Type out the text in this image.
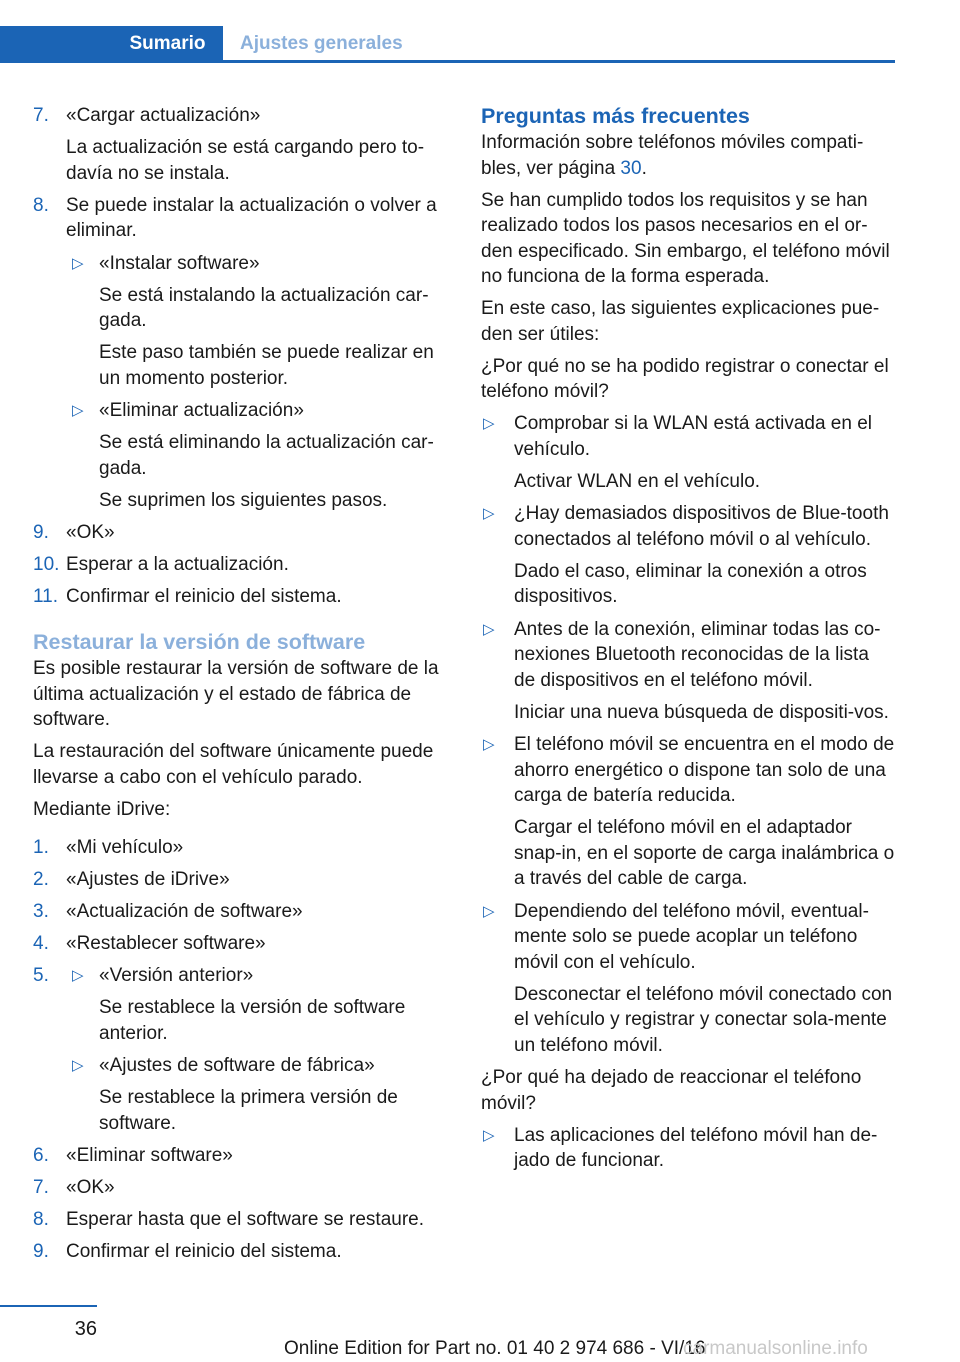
Sumario Ajustes generales
7. «Cargar actualización»
La actualización se está cargando pero to-davía no se instala.
8. Se puede instalar la actualización o volver a eliminar.
▷ «Instalar software»
Se está instalando la actualización car-gada.
Este paso también se puede realizar en un momento posterior.
▷ «Eliminar actualización»
Se está eliminando la actualización car-gada.
Se suprimen los siguientes pasos.
9. «OK»
10. Esperar a la actualización.
11. Confirmar el reinicio del sistema.
Restaurar la versión de software

Es posible restaurar la versión de software de la última actualización y el estado de fábrica de software.

La restauración del software únicamente puede llevarse a cabo con el vehículo parado.

Mediante iDrive:

1. «Mi vehículo»
2. «Ajustes de iDrive»
3. «Actualización de software»
4. «Restablecer software»
5. ▷ «Versión anterior»
Se restablece la versión de software anterior.
▷ «Ajustes de software de fábrica»
Se restablece la primera versión de software.
6. «Eliminar software»
7. «OK»
8. Esperar hasta que el software se restaure.
9. Confirmar el reinicio del sistema.
Preguntas más frecuentes

Información sobre teléfonos móviles compati-bles, ver página 30.

Se han cumplido todos los requisitos y se han realizado todos los pasos necesarios en el or-den especificado. Sin embargo, el teléfono móvil no funciona de la forma esperada.

En este caso, las siguientes explicaciones pue-den ser útiles:

¿Por qué no se ha podido registrar o conectar el teléfono móvil?

▷ Comprobar si la WLAN está activada en el vehículo.
Activar WLAN en el vehículo.
▷ ¿Hay demasiados dispositivos de Blue-tooth conectados al teléfono móvil o al vehículo.
Dado el caso, eliminar la conexión a otros dispositivos.
▷ Antes de la conexión, eliminar todas las co-nexiones Bluetooth reconocidas de la lista de dispositivos en el teléfono móvil.
Iniciar una nueva búsqueda de dispositi-vos.
▷ El teléfono móvil se encuentra en el modo de ahorro energético o dispone tan solo de una carga de batería reducida.
Cargar el teléfono móvil en el adaptador snap-in, en el soporte de carga inalámbrica o a través del cable de carga.
▷ Dependiendo del teléfono móvil, eventual-mente solo se puede acoplar un teléfono móvil con el vehículo.
Desconectar el teléfono móvil conectado con el vehículo y registrar y conectar sola-mente un teléfono móvil.

¿Por qué ha dejado de reaccionar el teléfono móvil?

▷ Las aplicaciones del teléfono móvil han de-jado de funcionar.
36
Online Edition for Part no. 01 40 2 974 686 - VI/16
carmanualsonline.info
